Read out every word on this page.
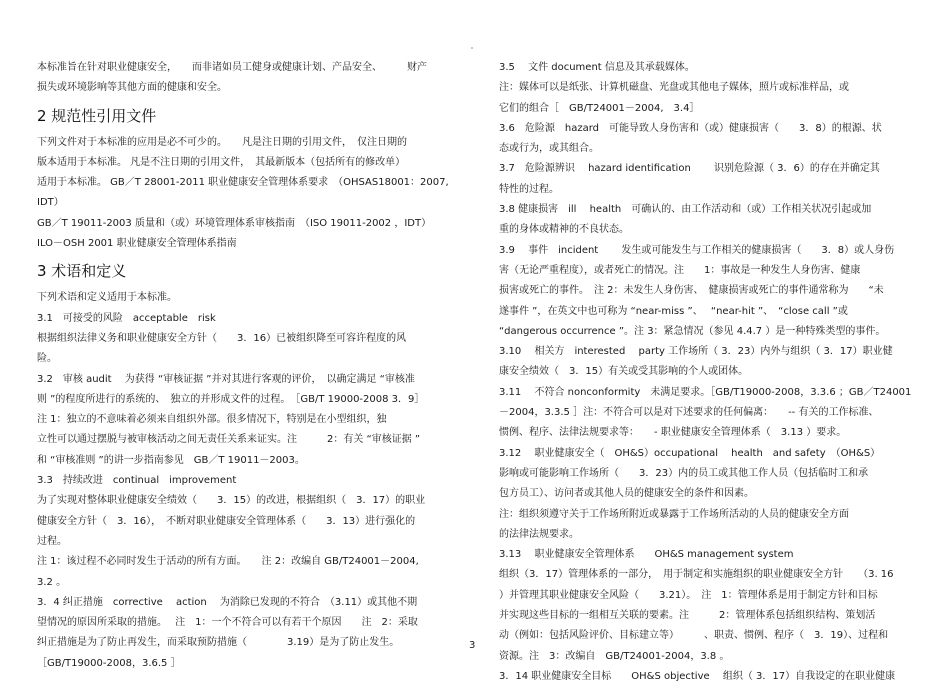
本标准旨在针对职业健康安全，　　而非诸如员工健身或健康计划、产品安全、　　　财产
损失或环境影响等其他方面的健康和安全。
2 规范性引用文件
下列文件对于本标准的应用是必不可少的。　　凡是注日期的引用文件，　仅注日期的
版本适用于本标准。 凡是不注日期的引用文件，　其最新版本（包括所有的修改单）
适用于本标准。 GB／T 28001-2011 职业健康安全管理体系要求　（OHSAS18001：2007,
IDT）
GB／T 19011-2003 质量和（或）环境管理体系审核指南　（ISO 19011-2002 ，IDT）
ILO－OSH 2001 职业健康安全管理体系指南
3 术语和定义
下列术语和定义适用于本标准。
3.1　可接受的风险　acceptable　risk
根据组织法律义务和职业健康安全方针（　　3．16）已被组织降至可容许程度的风
险。
3.2　审核 audit　 为获得 “审核证据 ”并对其进行客观的评价，　以确定满足 “审核准
则 ”的程度所进行的系统的、　独立的并形成文件的过程。　［GB/T 19000-2008 3．9］
注 1：独立的不意味着必须来自组织外部。很多情况下，特别是在小型组织，独
立性可以通过摆脱与被审核活动之间无责任关系来证实。注　　　2：有关 “审核证据 ”
和 “审核准则 ”的讲一步指南参见　GB／T 19011－2003。
3.3　持续改进　continual　improvement
为了实现对整体职业健康安全绩效（　　3．15）的改进，根据组织（　3．17）的职业
健康安全方针（　3．16），　不断对职业健康安全管理体系（　　3．13）进行强化的
过程。
注 1：该过程不必同时发生于活动的所有方面。　　注 2：改编自 GB/T24001－2004,
3.2 。
3．4 纠正措施　corrective　 action　 为消除已发现的不符合　（3.11）或其他不期
望情况的原因所采取的措施。　 注　1：一个不符合可以有若干个原因　　注　2：采取
纠正措施是为了防止再发生，而采取预防措施（　　　　3.19）是为了防止发生。
［GB/T19000-2008，3.6.5 ］
3.5　 文件 document 信息及其承载媒体。
注：媒体可以是纸张、计算机磁盘、光盘或其他电子媒体，照片或标准样品，或
它们的组合［　GB/T24001－2004,　3.4］
3.6　危险源　hazard　可能导致人身伤害和（或）健康损害（　　3．8）的根源、状
态或行为，或其组合。
3.7　危险源辨识　 hazard identification　　 识别危险源（ 3．6）的存在并确定其
特性的过程。
3.8 健康损害　ill　 health　可确认的、由工作活动和（或）工作相关状况引起或加
重的身体或精神的不良状态。
3.9　 事件　incident　　 发生或可能发生与工作相关的健康损害（　　3．8）或人身伤
害（无论严重程度），或者死亡的情况。注　　1：事故是一种发生人身伤害、健康
损害或死亡的事件。　注 2：未发生人身伤害、　健康损害或死亡的事件通常称为　　“未
遂事件 ”，在英文中也可称为 “near-miss ”、　 “near-hit ”、　“close call ”或
“dangerous occurrence ”。注 3：紧急情况（参见 4.4.7 ）是一种特殊类型的事件。
3.10　 相关方　interested　 party 工作场所（ 3．23）内外与组织（ 3．17）职业健
康安全绩效（　3．15）有关或受其影响的个人或团体。
3.11　 不符合 nonconformity　未满足要求。［GB/T19000-2008，3.3.6 ；GB／T24001
－2004，3.3.5 ］注：不符合可以是对下述要求的任何偏离：　　-- 有关的工作标准、
惯例、程序、法律法规要求等：　　- 职业健康安全管理体系（　3.13 ）要求。
3.12　 职业健康安全（　OH&S）occupational　 health　and safety　（OH&S）
影响或可能影响工作场所（　　3．23）内的员工或其他工作人员（包括临时工和承
包方员工）、访问者或其他人员的健康安全的条件和因素。
注：组织须遵守关于工作场所附近或暴露于工作场所活动的人员的健康安全方面
的法律法规要求。
3.13　 职业健康安全管理体系　　OH&S management system
组织（3．17）管理体系的一部分，　用于制定和实施组织的职业健康安全方针　　（3. 16
）并管理其职业健康安全风险（　　3.21）。　注　1：管理体系是用于制定方针和目标
并实现这些目标的一组相互关联的要素。注　　　2：管理体系包括组织结构、策划活
动（例如：包括风险评价、目标建立等）　　　、职责、惯例、程序（　3．19）、过程和
资源。注　3：改编自　GB/T24001-2004，3.8 。
3．14 职业健康安全目标　　OH&S objective　 组织（ 3．17）自我设定的在职业健康
3
